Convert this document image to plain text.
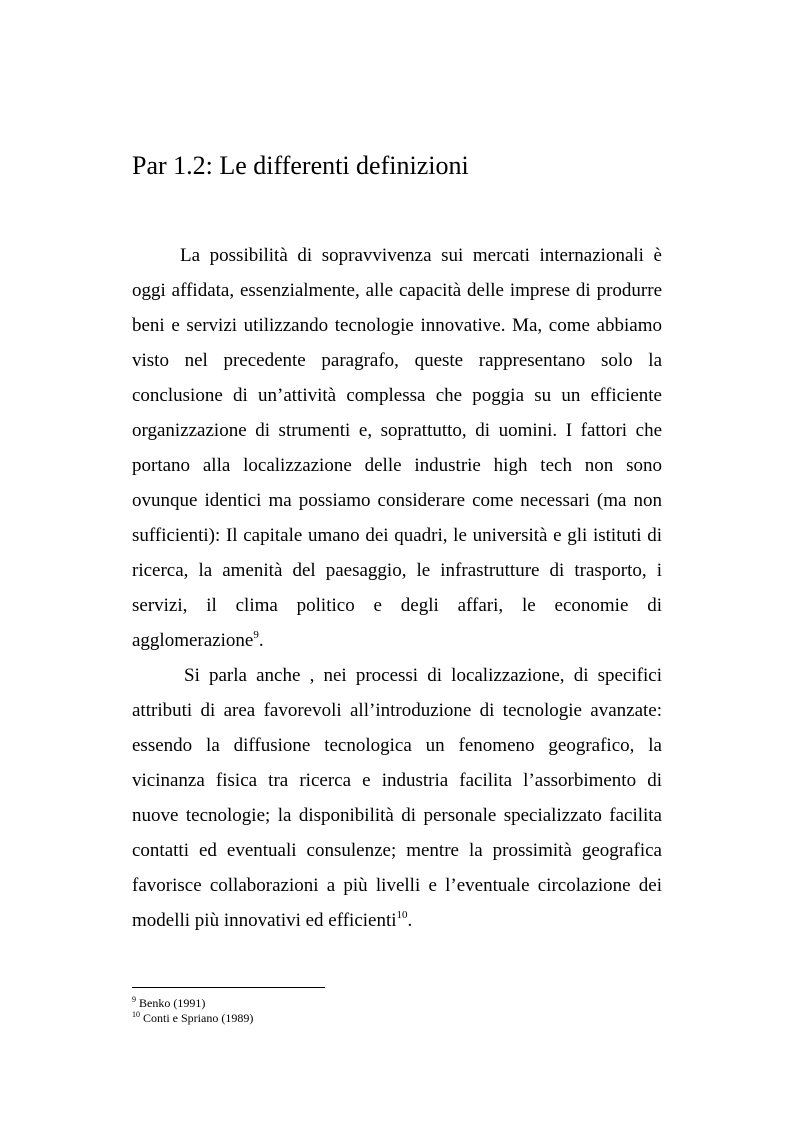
Par 1.2: Le differenti definizioni

La possibilità di sopravvivenza sui mercati internazionali è oggi affidata, essenzialmente, alle capacità delle imprese di produrre beni e servizi utilizzando tecnologie innovative. Ma, come abbiamo visto nel precedente paragrafo, queste rappresentano solo la conclusione di un’attività complessa che poggia su un efficiente organizzazione di strumenti e, soprattutto, di uomini. I fattori che portano alla localizzazione delle industrie high tech non sono ovunque identici ma possiamo considerare come necessari (ma non sufficienti): Il capitale umano dei quadri, le università e gli istituti di ricerca, la amenità del paesaggio, le infrastrutture di trasporto, i servizi, il clima politico e degli affari, le economie di agglomerazione$^9$.

Si parla anche , nei processi di localizzazione, di specifici attributi di area favorevoli all’introduzione di tecnologie avanzate: essendo la diffusione tecnologica un fenomeno geografico, la vicinanza fisica tra ricerca e industria facilita l’assorbimento di nuove tecnologie; la disponibilità di personale specializzato facilita contatti ed eventuali consulenze; mentre la prossimità geografica favorisce collaborazioni a più livelli e l’eventuale circolazione dei modelli più innovativi ed efficienti$^{10}$.

$^9$ Benko (1991)

$^{10}$ Conti e Spriano (1989)
